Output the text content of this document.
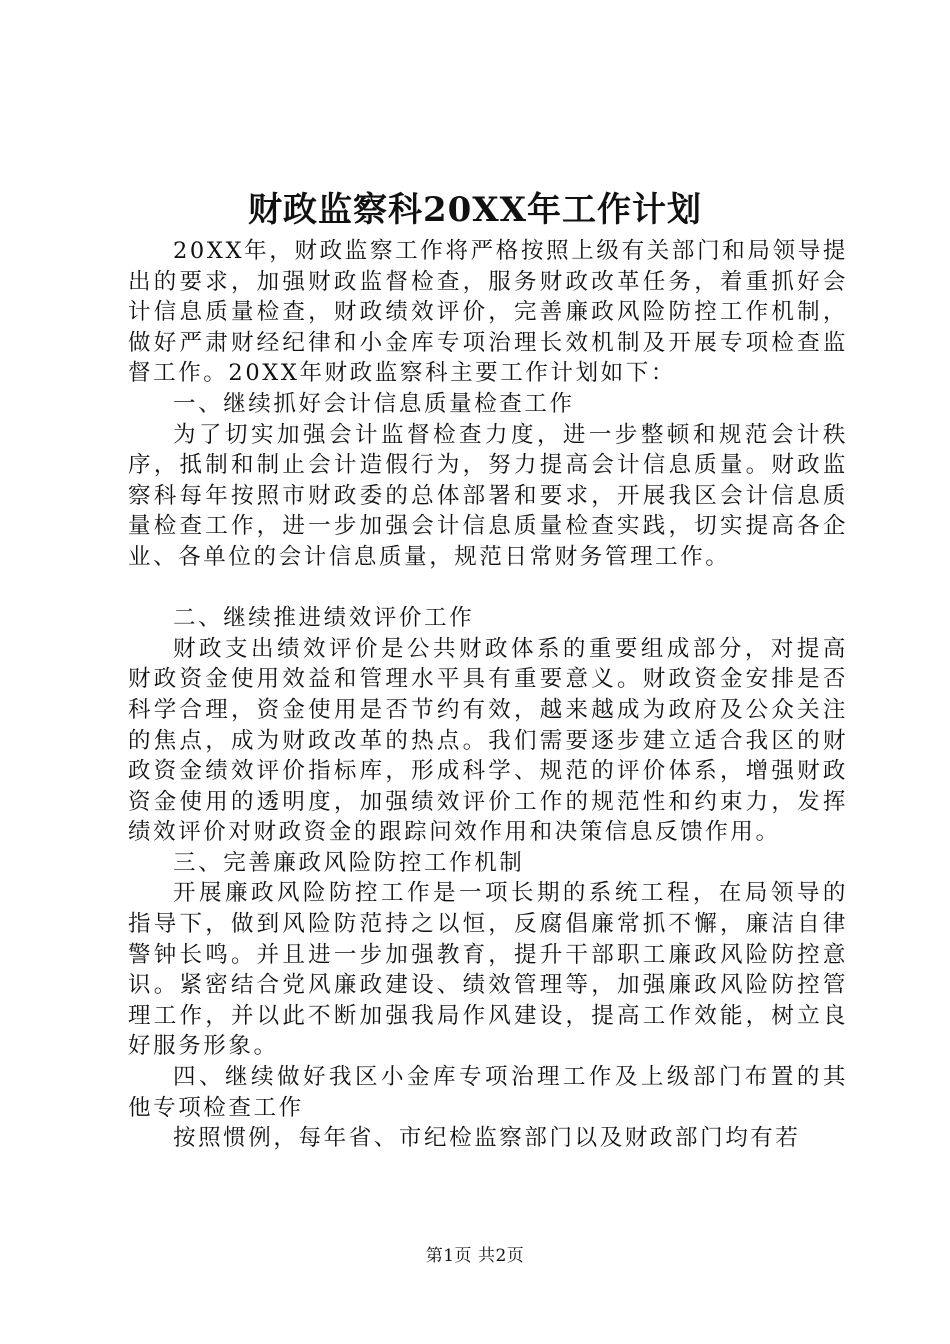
财政监察科20XX年工作计划

20XX年，财政监察工作将严格按照上级有关部门和局领导提出的要求，加强财政监督检查，服务财政改革任务，着重抓好会计信息质量检查，财政绩效评价，完善廉政风险防控工作机制，做好严肃财经纪律和小金库专项治理长效机制及开展专项检查监督工作。20XX年财政监察科主要工作计划如下：

一、继续抓好会计信息质量检查工作

为了切实加强会计监督检查力度，进一步整顿和规范会计秩序，抵制和制止会计造假行为，努力提高会计信息质量。财政监察科每年按照市财政委的总体部署和要求，开展我区会计信息质量检查工作，进一步加强会计信息质量检查实践，切实提高各企业、各单位的会计信息质量，规范日常财务管理工作。

二、继续推进绩效评价工作

财政支出绩效评价是公共财政体系的重要组成部分，对提高财政资金使用效益和管理水平具有重要意义。财政资金安排是否科学合理，资金使用是否节约有效，越来越成为政府及公众关注的焦点，成为财政改革的热点。我们需要逐步建立适合我区的财政资金绩效评价指标库，形成科学、规范的评价体系，增强财政资金使用的透明度，加强绩效评价工作的规范性和约束力，发挥绩效评价对财政资金的跟踪问效作用和决策信息反馈作用。

三、完善廉政风险防控工作机制

开展廉政风险防控工作是一项长期的系统工程，在局领导的指导下，做到风险防范持之以恒，反腐倡廉常抓不懈，廉洁自律警钟长鸣。并且进一步加强教育，提升干部职工廉政风险防控意识。紧密结合党风廉政建设、绩效管理等，加强廉政风险防控管理工作，并以此不断加强我局作风建设，提高工作效能，树立良好服务形象。

四、继续做好我区小金库专项治理工作及上级部门布置的其他专项检查工作

按照惯例，每年省、市纪检监察部门以及财政部门均有若

第1页 共2页
